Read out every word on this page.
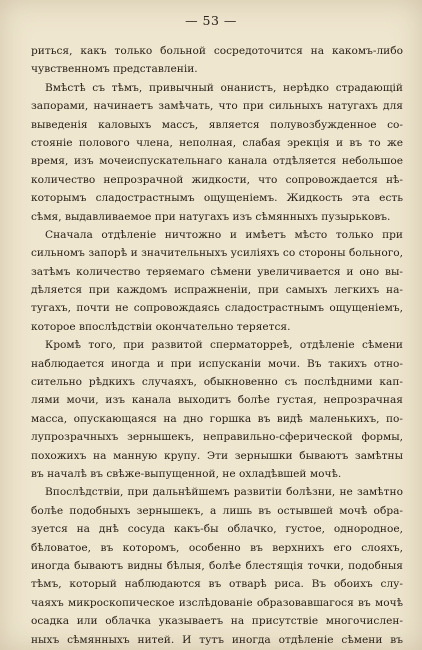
— 53 —
риться, какъ только больной сосредоточится на какомъ-либо
чувственномъ представленіи.
Вмѣстѣ съ тѣмъ, привычный онанистъ, нерѣдко страдающій
запорами, начинаетъ замѣчать, что при сильныхъ натугахъ для
выведенія каловыхъ массъ, является полувозбужденное со-
стояніе полового члена, неполная, слабая эрекція и въ то же
время, изъ мочеиспускательнаго канала отдѣляется небольшое
количество непрозрачной жидкости, что сопровождается нѣ-
которымъ сладострастнымъ ощущеніемъ. Жидкость эта есть
сѣмя, выдавливаемое при натугахъ изъ сѣмянныхъ пузырьковъ.
Сначала отдѣленіе ничтожно и имѣетъ мѣсто только при
сильномъ запорѣ и значительныхъ усиліяхъ со стороны больного,
затѣмъ количество теряемаго сѣмени увеличивается и оно вы-
дѣляется при каждомъ испражненіи, при самыхъ легкихъ на-
тугахъ, почти не сопровождаясь сладострастнымъ ощущеніемъ,
которое впослѣдствіи окончательно теряется.
Кромѣ того, при развитой сперматорреѣ, отдѣленіе сѣмени
наблюдается иногда и при испусканіи мочи. Въ такихъ отно-
сительно рѣдкихъ случаяхъ, обыкновенно съ послѣдними кап-
лями мочи, изъ канала выходитъ болѣе густая, непрозрачная
масса, опускающаяся на дно горшка въ видѣ маленькихъ, по-
лупрозрачныхъ зернышекъ, неправильно-сферической формы,
похожихъ на манную крупу. Эти зернышки бываютъ замѣтны
въ началѣ въ свѣже-выпущенной, не охладѣвшей мочѣ.
Впослѣдствіи, при дальнѣйшемъ развитіи болѣзни, не замѣтно
болѣе подобныхъ зернышекъ, а лишь въ остывшей мочѣ обра-
зуется на днѣ сосуда какъ-бы облачко, густое, однородное,
бѣловатое, въ которомъ, особенно въ верхнихъ его слояхъ,
иногда бываютъ видны бѣлыя, болѣе блестящія точки, подобныя
тѣмъ, который наблюдаются въ отварѣ риса. Въ обоихъ слу-
чаяхъ микроскопическое изслѣдованіе образовавшагося въ мочѣ
осадка или облачка указываетъ на присутствіе многочислен-
ныхъ сѣмянныхъ нитей. И тутъ иногда отдѣленіе сѣмени въ
